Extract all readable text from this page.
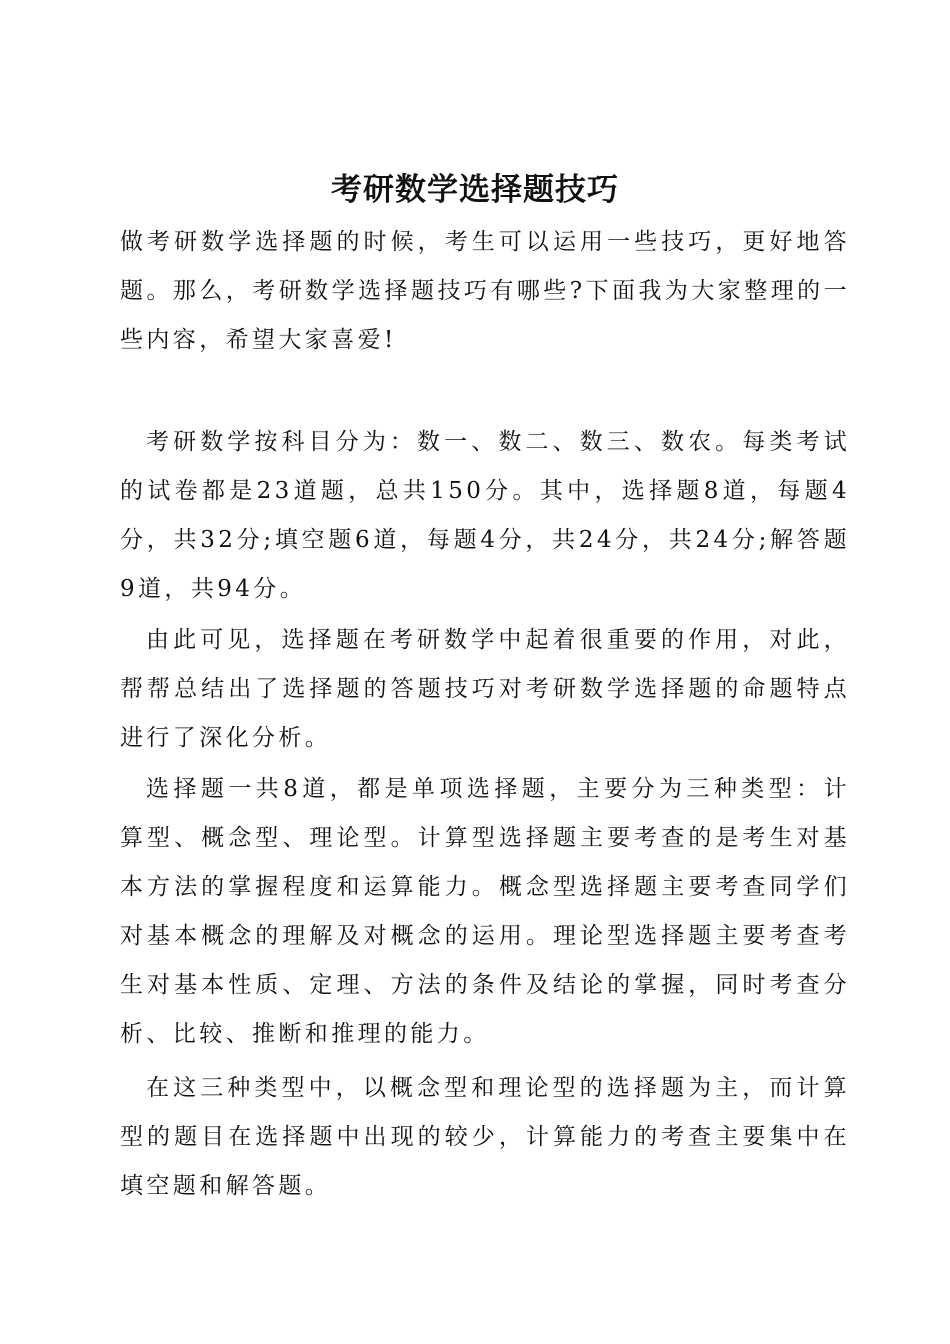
考研数学选择题技巧

做考研数学选择题的时候，考生可以运用一些技巧，更好地答题。那么，考研数学选择题技巧有哪些?下面我为大家整理的一些内容，希望大家喜爱!

考研数学按科目分为：数一、数二、数三、数农。每类考试的试卷都是23道题，总共150分。其中，选择题8道，每题4分，共32分;填空题6道，每题4分，共24分，共24分;解答题9道，共94分。

由此可见，选择题在考研数学中起着很重要的作用，对此，帮帮总结出了选择题的答题技巧对考研数学选择题的命题特点进行了深化分析。

选择题一共8道，都是单项选择题，主要分为三种类型：计算型、概念型、理论型。计算型选择题主要考查的是考生对基本方法的掌握程度和运算能力。概念型选择题主要考查同学们对基本概念的理解及对概念的运用。理论型选择题主要考查考生对基本性质、定理、方法的条件及结论的掌握，同时考查分析、比较、推断和推理的能力。

在这三种类型中，以概念型和理论型的选择题为主，而计算型的题目在选择题中出现的较少，计算能力的考查主要集中在填空题和解答题。
